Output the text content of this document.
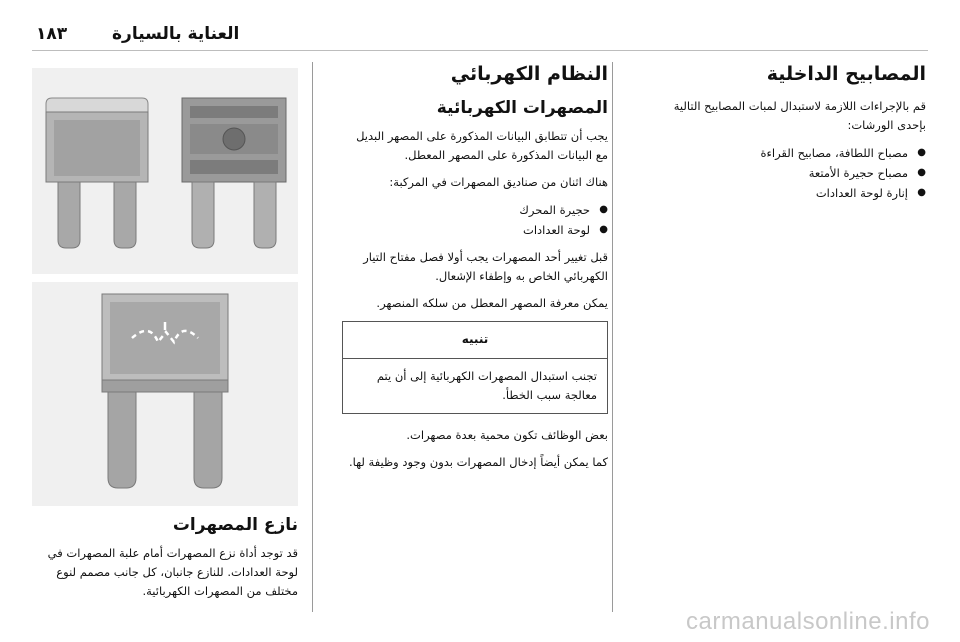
١٨٣	العناية بالسيارة
المصابيح الداخلية

قم بالإجراءات اللازمة لاستبدال لمبات المصابيح التالية بإحدى الورشات:

● مصباح اللطافة، مصابيح القراءة
● مصباح حجيرة الأمتعة
● إنارة لوحة العدادات
النظام الكهربائي
المصهرات الكهربائية

يجب أن تتطابق البيانات المذكورة على المصهر البديل مع البيانات المذكورة على المصهر المعطل.

هناك اثنان من صناديق المصهرات في المركبة:

● حجيرة المحرك
● لوحة العدادات

قبل تغيير أحد المصهرات يجب أولا فصل مفتاح التيار الكهربائي الخاص به وإطفاء الإشعال.

يمكن معرفة المصهر المعطل من سلكه المنصهر.

تنبيه
تجنب استبدال المصهرات الكهربائية إلى أن يتم معالجة سبب الخطأ.

بعض الوظائف تكون محمية بعدة مصهرات.

كما يمكن أيضاً إدخال المصهرات بدون وجود وظيفة لها.

نازع المصهرات

قد توجد أداة نزع المصهرات أمام علبة المصهرات في لوحة العدادات. للنازع جانبان، كل جانب مصمم لنوع مختلف من المصهرات الكهربائية.

carmanualsonline.info
